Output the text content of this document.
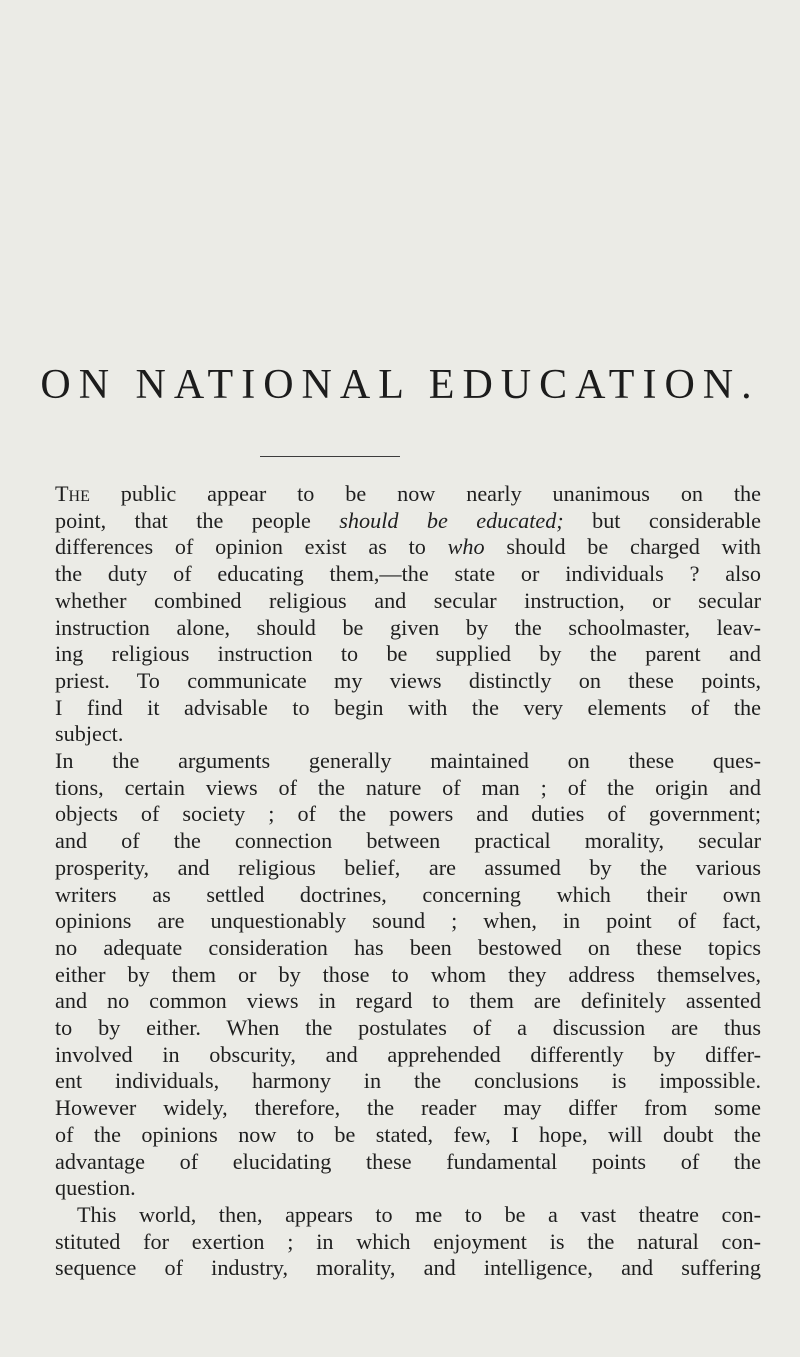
ON NATIONAL EDUCATION.
The public appear to be now nearly unanimous on the
point, that the people should be educated; but considerable
differences of opinion exist as to who should be charged with
the duty of educating them,—the state or individuals ? also
whether combined religious and secular instruction, or secular
instruction alone, should be given by the schoolmaster, leav-
ing religious instruction to be supplied by the parent and
priest. To communicate my views distinctly on these points,
I find it advisable to begin with the very elements of the
subject.
In the arguments generally maintained on these ques-
tions, certain views of the nature of man ; of the origin and
objects of society ; of the powers and duties of government;
and of the connection between practical morality, secular
prosperity, and religious belief, are assumed by the various
writers as settled doctrines, concerning which their own
opinions are unquestionably sound ; when, in point of fact,
no adequate consideration has been bestowed on these topics
either by them or by those to whom they address themselves,
and no common views in regard to them are definitely assented
to by either. When the postulates of a discussion are thus
involved in obscurity, and apprehended differently by differ-
ent individuals, harmony in the conclusions is impossible.
However widely, therefore, the reader may differ from some
of the opinions now to be stated, few, I hope, will doubt the
advantage of elucidating these fundamental points of the
question.
This world, then, appears to me to be a vast theatre con-
stituted for exertion ; in which enjoyment is the natural con-
sequence of industry, morality, and intelligence, and suffering
